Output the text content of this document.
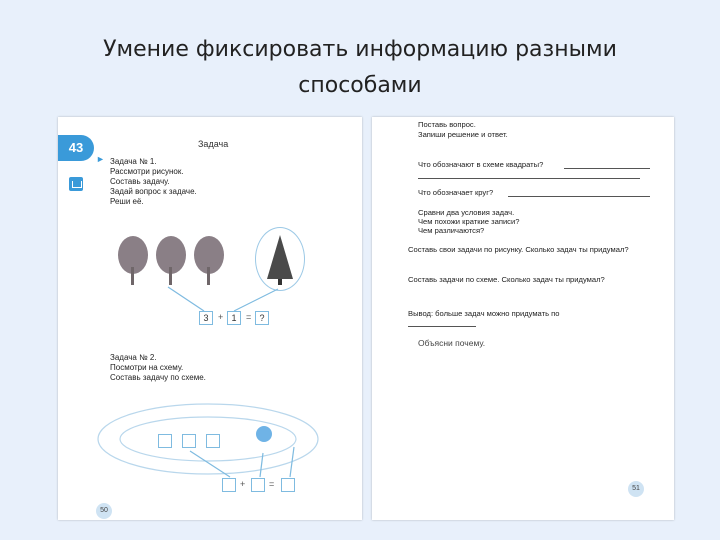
Умение фиксировать информацию разными
способами
43	Задача
► Задача № 1.
Рассмотри рисунок.
Составь задачу.
Задай вопрос к задаче.
Реши её.
3	+ 1	= ?
Задача № 2.
Посмотри на схему.
Составь задачу по схеме.
+	=
50
Поставь вопрос.
Запиши решение и ответ.
Что обозначают в схеме квадраты?
Что обозначает круг?
Сравни два условия задач.
Чем похожи краткие записи?
Чем различаются?
Составь свои задачи по рисунку. Сколько задач ты придумал?
Составь задачи по схеме. Сколько задач ты придумал?
Вывод: больше задач можно придумать по
Объясни почему.
51
